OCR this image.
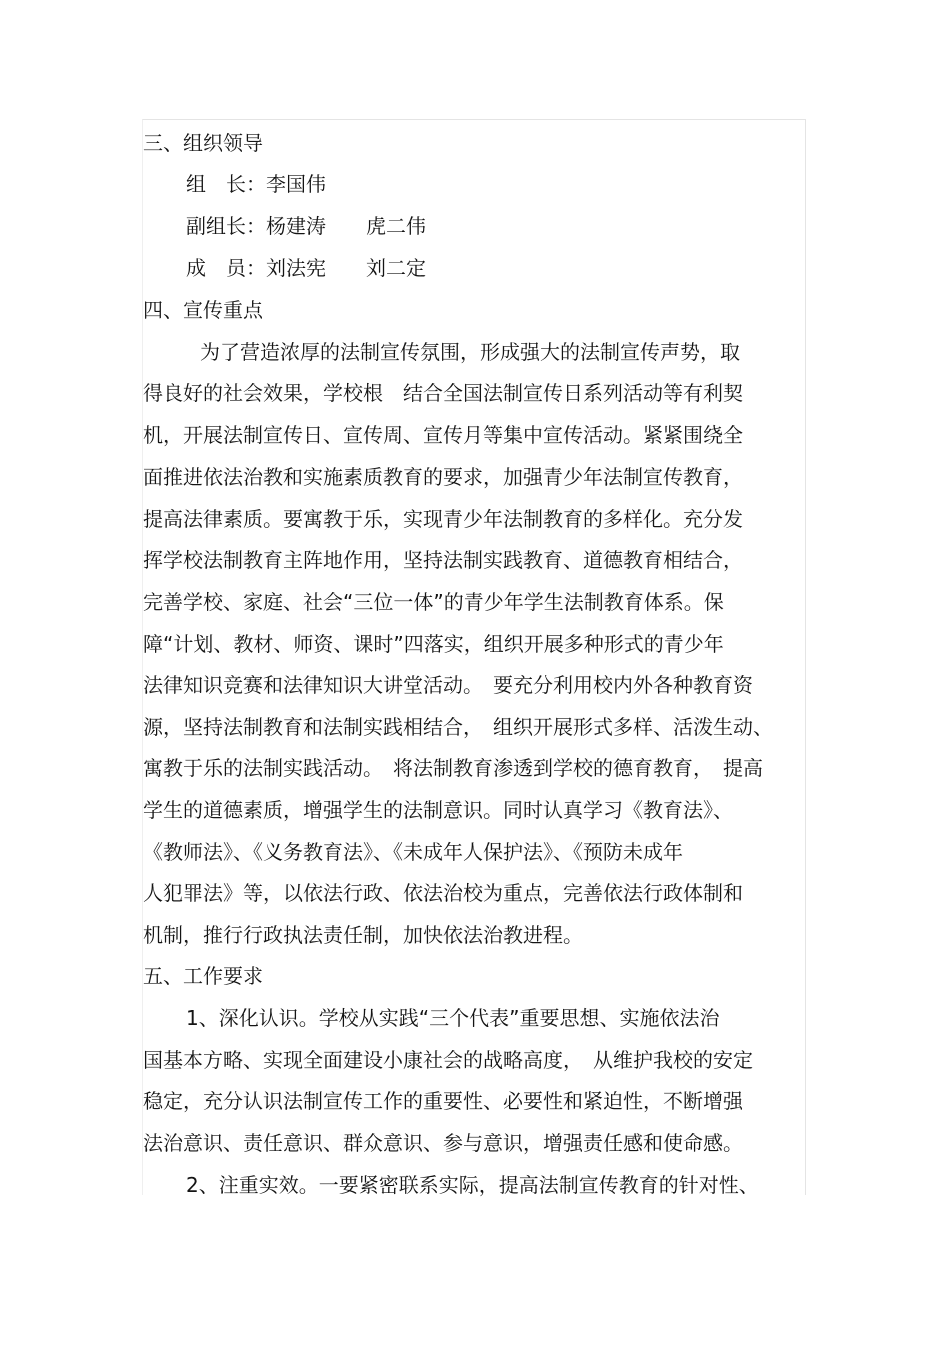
三、组织领导
组　长：李国伟
副组长：杨建涛　　虎二伟
成　员：刘法宪　　刘二定
四、宣传重点
为了营造浓厚的法制宣传氛围，形成强大的法制宣传声势，取
得良好的社会效果，学校根　结合全国法制宣传日系列活动等有利契
机，开展法制宣传日、宣传周、宣传月等集中宣传活动。紧紧围绕全
面推进依法治教和实施素质教育的要求，加强青少年法制宣传教育，
提高法律素质。要寓教于乐，实现青少年法制教育的多样化。充分发
挥学校法制教育主阵地作用，坚持法制实践教育、道德教育相结合，
完善学校、家庭、社会“三位一体”的青少年学生法制教育体系。保
障“计划、教材、师资、课时”四落实，组织开展多种形式的青少年
法律知识竞赛和法律知识大讲堂活动。　要充分利用校内外各种教育资
源，坚持法制教育和法制实践相结合，　组织开展形式多样、活泼生动、
寓教于乐的法制实践活动。　将法制教育渗透到学校的德育教育，　提高
学生的道德素质，增强学生的法制意识。同时认真学习《教育法》、
《教师法》、《义务教育法》、《未成年人保护法》、《预防未成年
人犯罪法》等，以依法行政、依法治校为重点，完善依法行政体制和
机制，推行行政执法责任制，加快依法治教进程。
五、工作要求
1、深化认识。学校从实践“三个代表”重要思想、实施依法治
国基本方略、实现全面建设小康社会的战略高度，　从维护我校的安定
稳定，充分认识法制宣传工作的重要性、必要性和紧迫性，不断增强
法治意识、责任意识、群众意识、参与意识，增强责任感和使命感。
2、注重实效。一要紧密联系实际，提高法制宣传教育的针对性、
